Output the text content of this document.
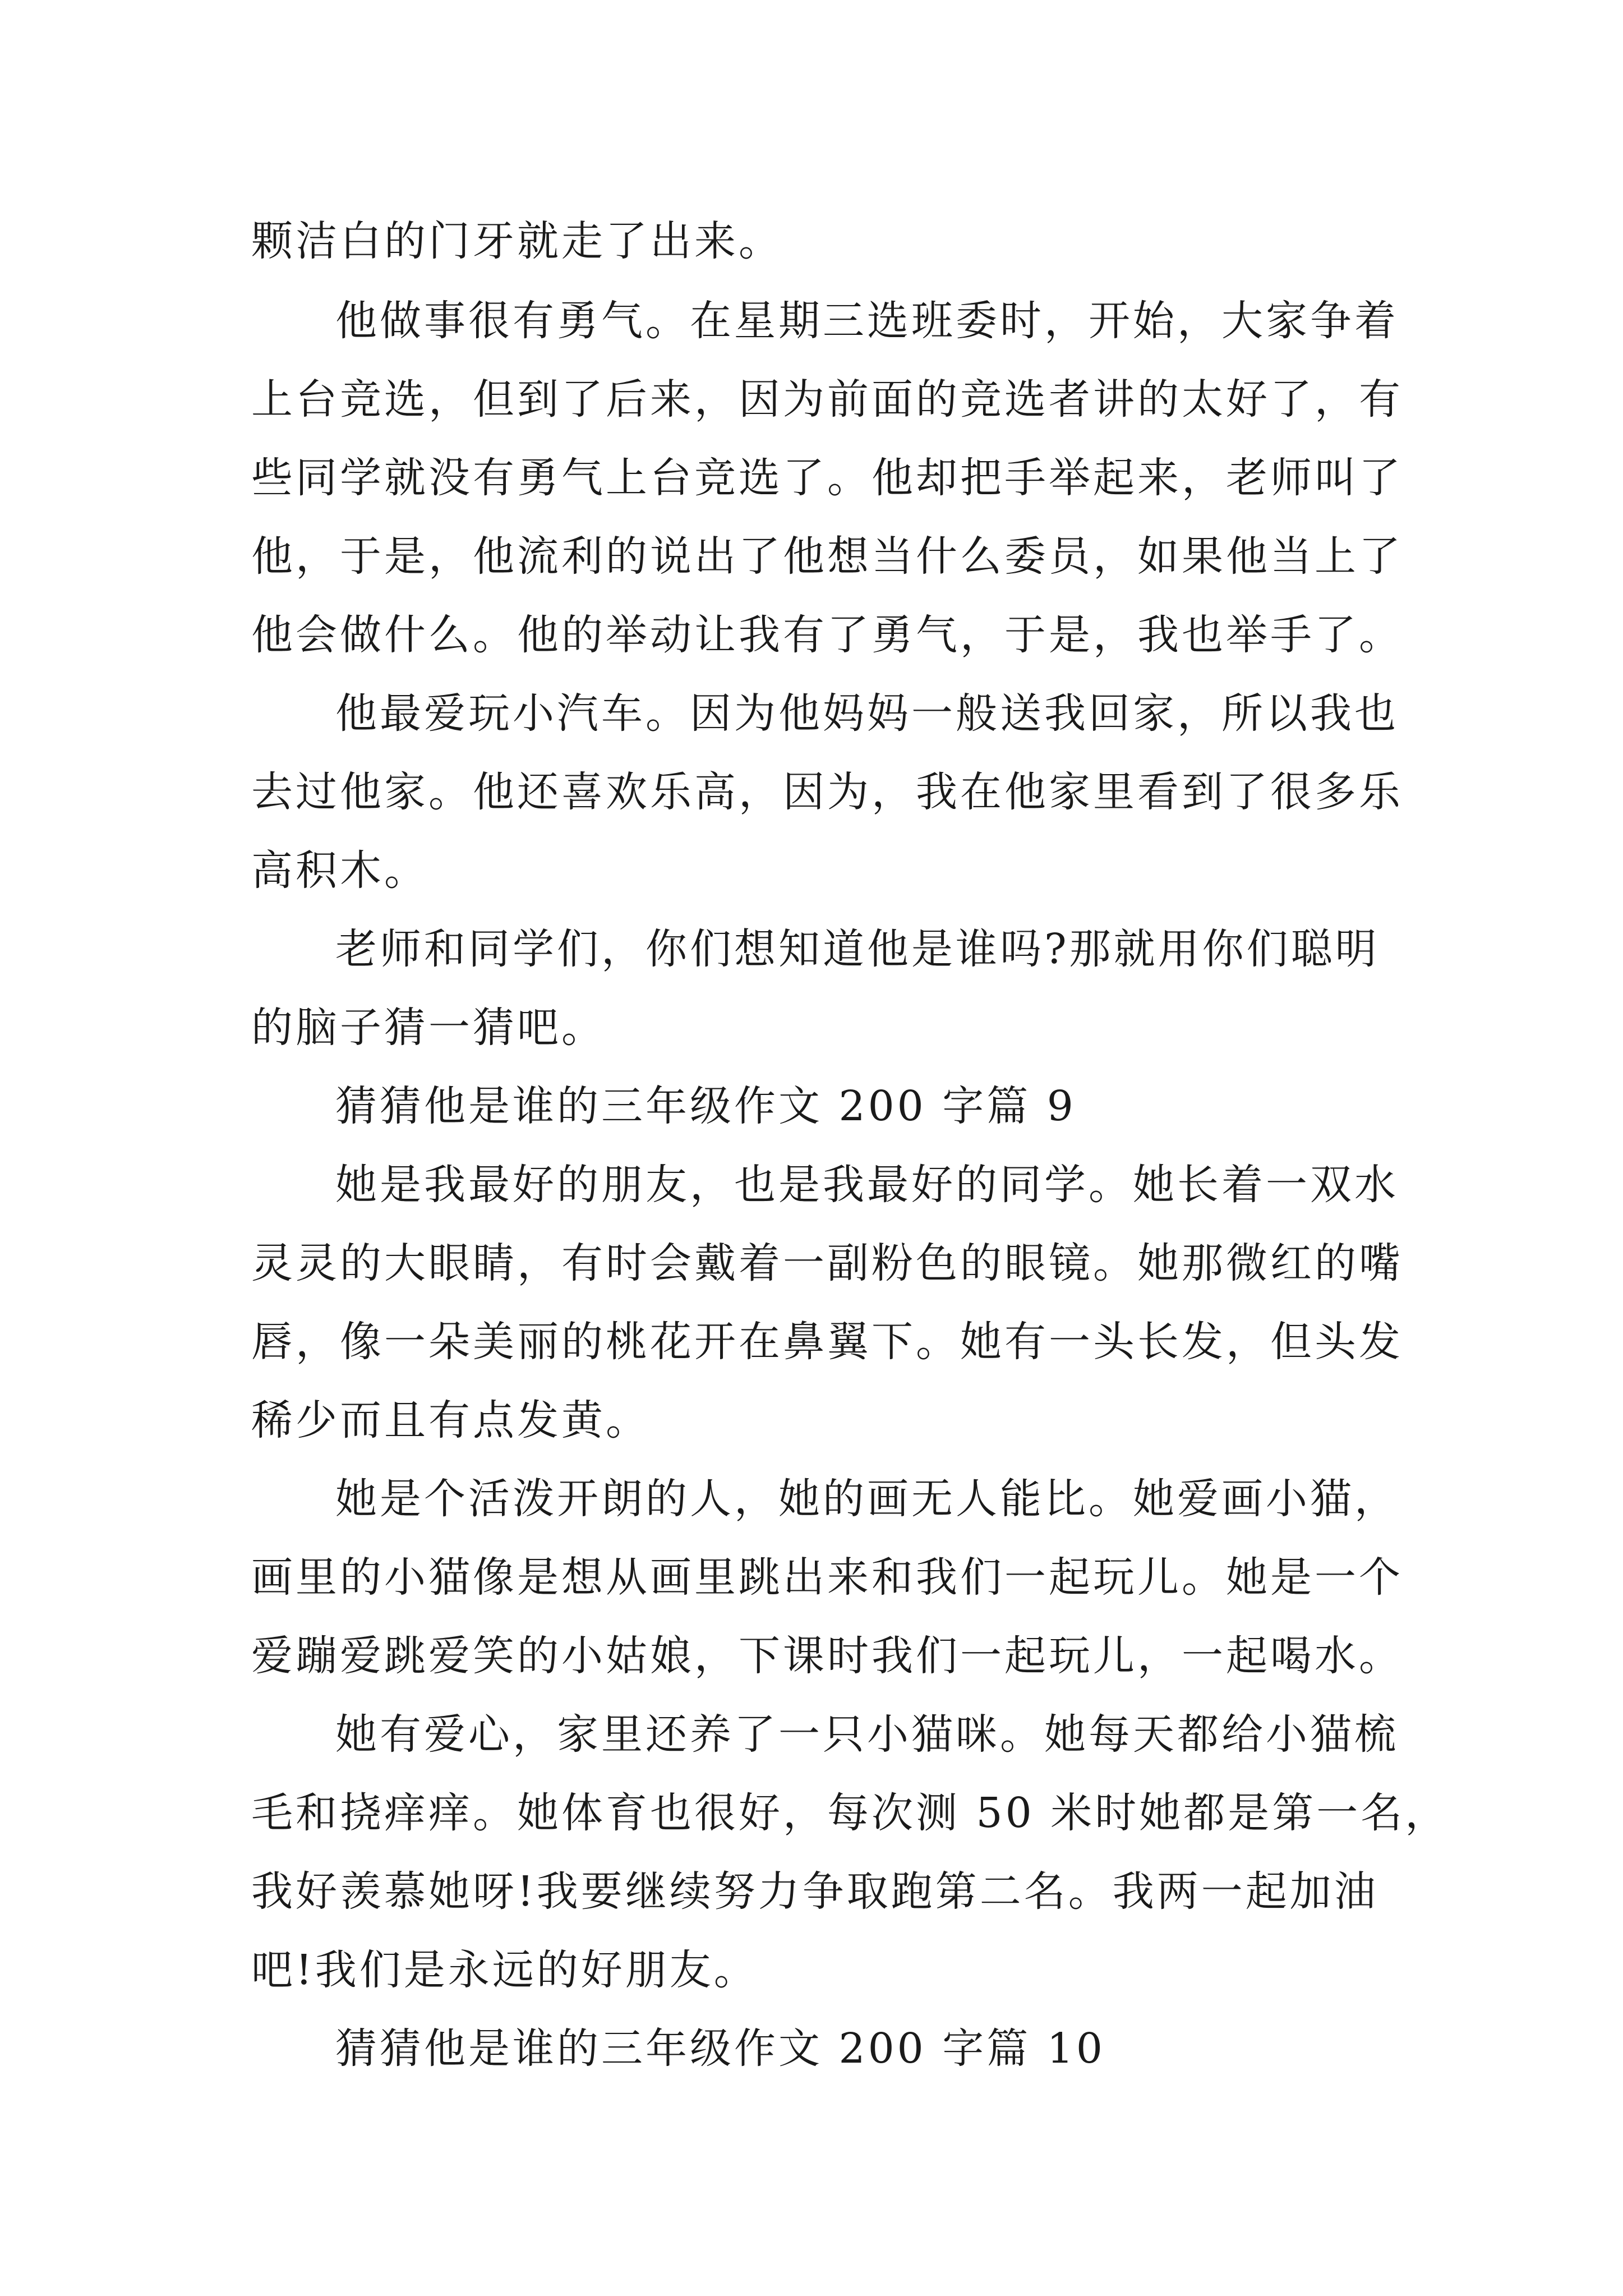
颗洁白的门牙就走了出来。
他做事很有勇气。在星期三选班委时，开始，大家争着
上台竞选，但到了后来，因为前面的竞选者讲的太好了，有
些同学就没有勇气上台竞选了。他却把手举起来，老师叫了
他，于是，他流利的说出了他想当什么委员，如果他当上了
他会做什么。他的举动让我有了勇气，于是，我也举手了。
他最爱玩小汽车。因为他妈妈一般送我回家，所以我也
去过他家。他还喜欢乐高，因为，我在他家里看到了很多乐
高积木。
老师和同学们，你们想知道他是谁吗?那就用你们聪明
的脑子猜一猜吧。
猜猜他是谁的三年级作文 200 字篇 9
她是我最好的朋友，也是我最好的同学。她长着一双水
灵灵的大眼睛，有时会戴着一副粉色的眼镜。她那微红的嘴
唇，像一朵美丽的桃花开在鼻翼下。她有一头长发，但头发
稀少而且有点发黄。
她是个活泼开朗的人，她的画无人能比。她爱画小猫，
画里的小猫像是想从画里跳出来和我们一起玩儿。她是一个
爱蹦爱跳爱笑的小姑娘，下课时我们一起玩儿，一起喝水。
她有爱心，家里还养了一只小猫咪。她每天都给小猫梳
毛和挠痒痒。她体育也很好，每次测 50 米时她都是第一名，
我好羡慕她呀!我要继续努力争取跑第二名。我两一起加油
吧!我们是永远的好朋友。
猜猜他是谁的三年级作文 200 字篇 10
